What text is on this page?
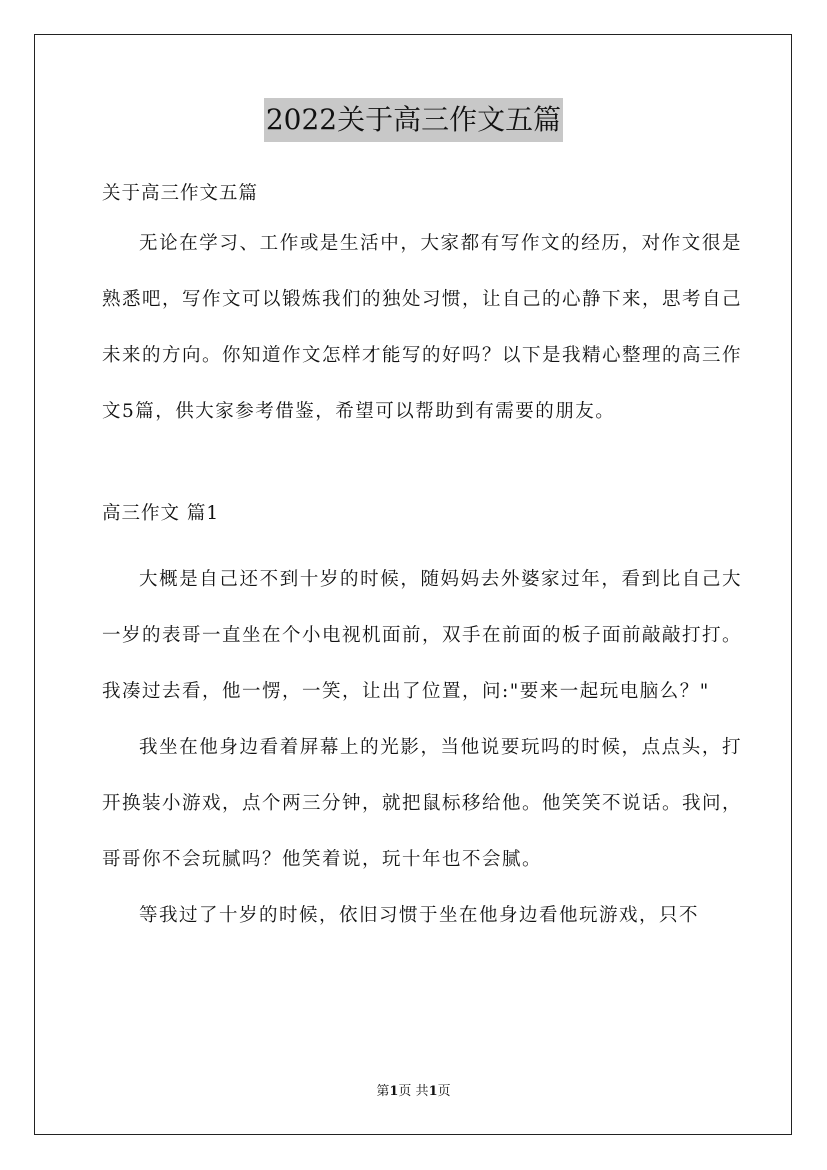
2022关于高三作文五篇

关于高三作文五篇

无论在学习、工作或是生活中，大家都有写作文的经历，对作文很是熟悉吧，写作文可以锻炼我们的独处习惯，让自己的心静下来，思考自己未来的方向。你知道作文怎样才能写的好吗？以下是我精心整理的高三作文5篇，供大家参考借鉴，希望可以帮助到有需要的朋友。

高三作文 篇1

大概是自己还不到十岁的时候，随妈妈去外婆家过年，看到比自己大一岁的表哥一直坐在个小电视机面前，双手在前面的板子面前敲敲打打。我凑过去看，他一愣，一笑，让出了位置，问:"要来一起玩电脑么？"

我坐在他身边看着屏幕上的光影，当他说要玩吗的时候，点点头，打开换装小游戏，点个两三分钟，就把鼠标移给他。他笑笑不说话。我问，哥哥你不会玩腻吗？他笑着说，玩十年也不会腻。

等我过了十岁的时候，依旧习惯于坐在他身边看他玩游戏，只不

第1页 共1页
